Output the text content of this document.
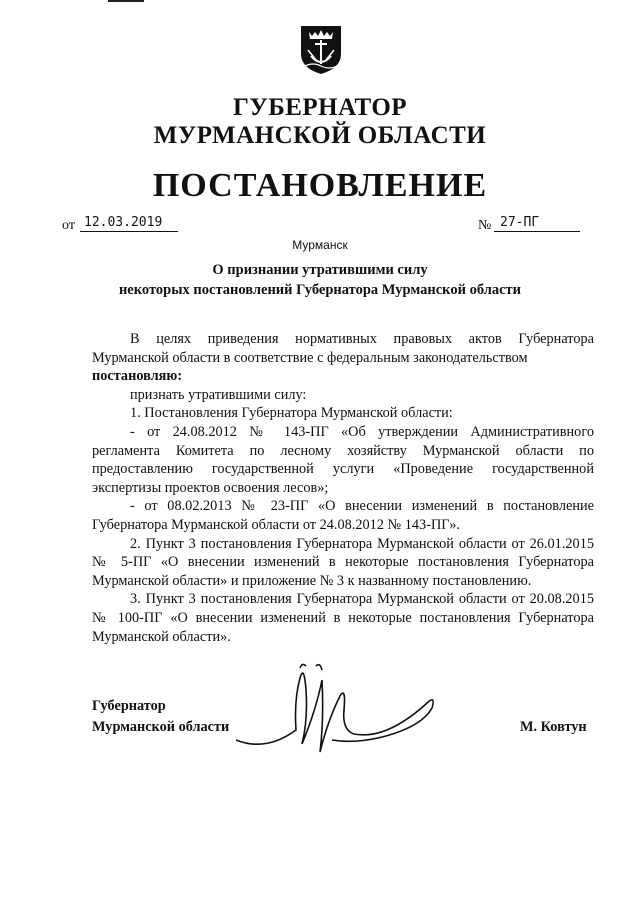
ГУБЕРНАТОР
МУРМАНСКОЙ ОБЛАСТИ
ПОСТАНОВЛЕНИЕ
от 12.03.2019	№ 27-ПГ
Мурманск
О признании утратившими силу
некоторых постановлений Губернатора Мурманской области

В целях приведения нормативных правовых актов Губернатора Мурманской области в соответствие с федеральным законодательством

постановляю:

признать утратившими силу:

1. Постановления Губернатора Мурманской области:

- от 24.08.2012 № 143-ПГ «Об утверждении Административного регламента Комитета по лесному хозяйству Мурманской области по предоставлению государственной услуги «Проведение государственной экспертизы проектов освоения лесов»;

- от 08.02.2013 № 23-ПГ «О внесении изменений в постановление Губернатора Мурманской области от 24.08.2012 № 143-ПГ».

2. Пункт 3 постановления Губернатора Мурманской области от 26.01.2015 № 5-ПГ «О внесении изменений в некоторые постановления Губернатора Мурманской области» и приложение № 3 к названному постановлению.

3. Пункт 3 постановления Губернатора Мурманской области от 20.08.2015 № 100-ПГ «О внесении изменений в некоторые постановления Губернатора Мурманской области».

Губернатор
Мурманской области	М. Ковтун
